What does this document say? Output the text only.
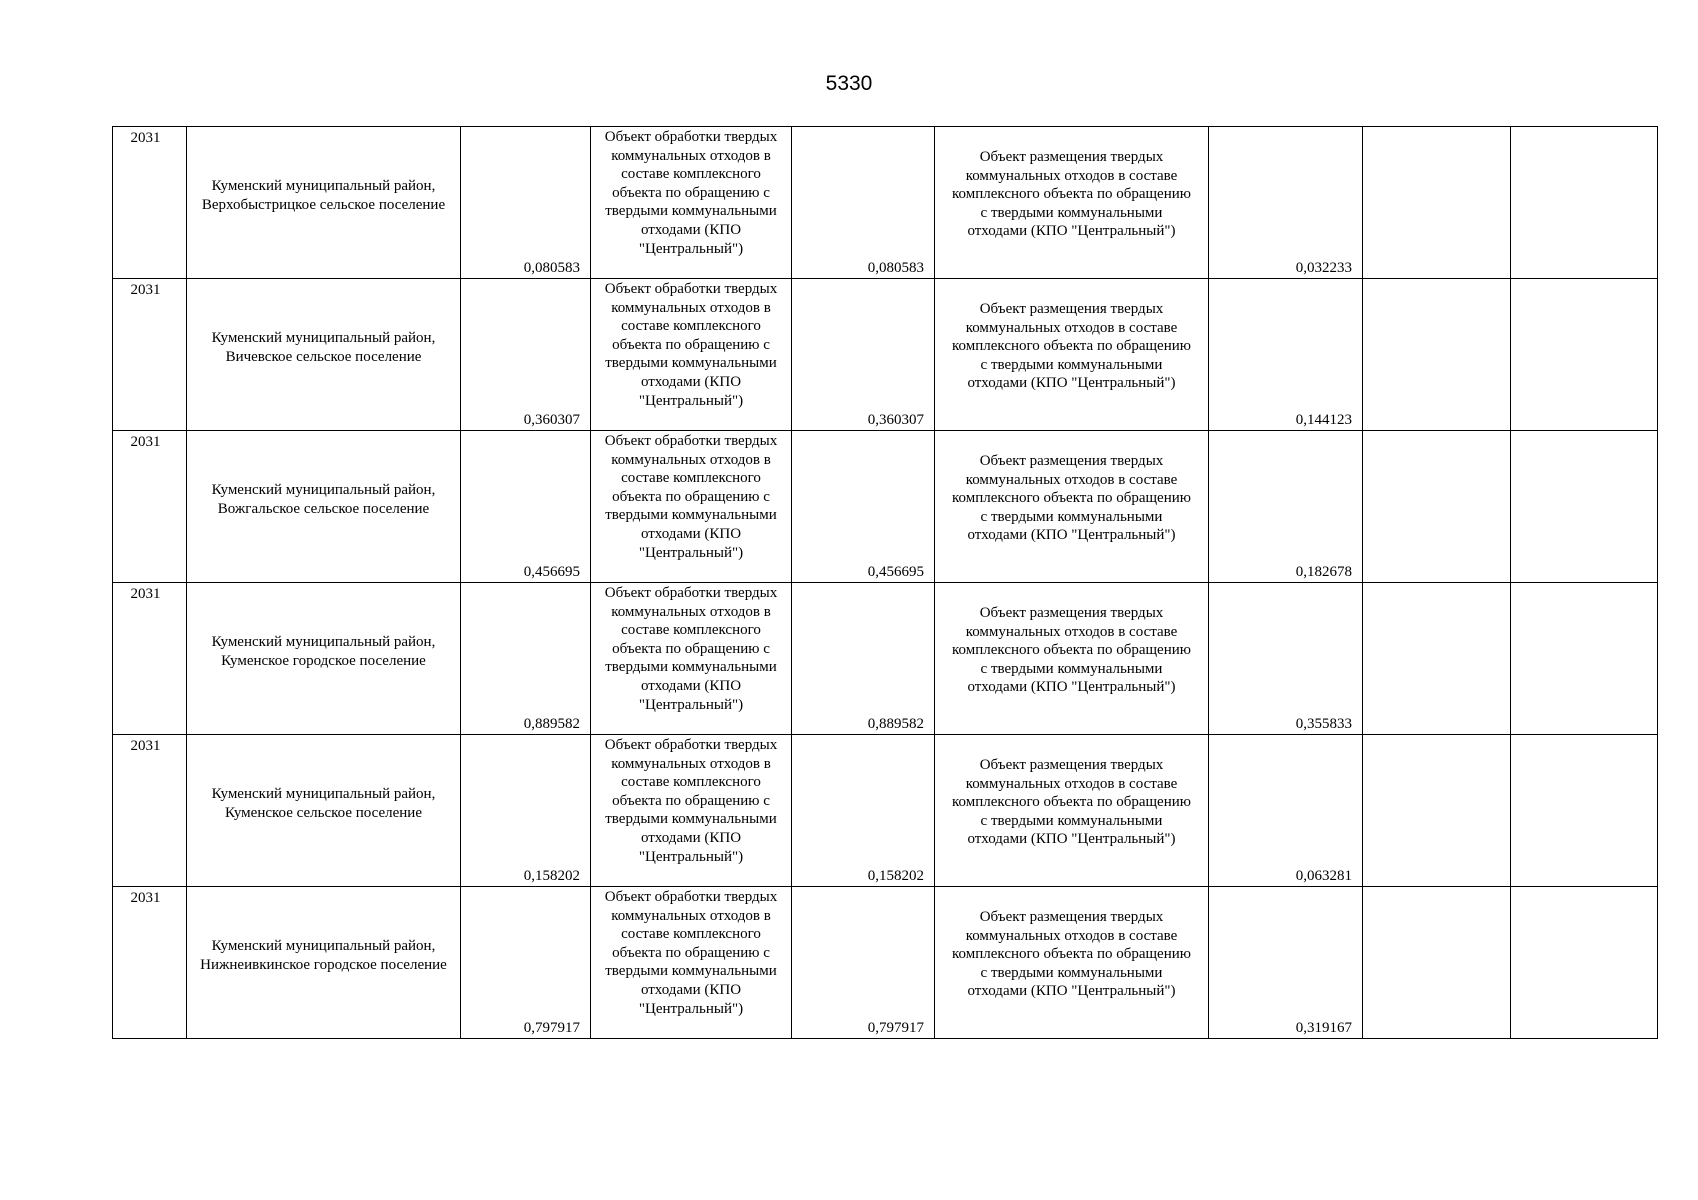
5330
2031	Куменский муниципальный район, Верхобыстрицкое сельское поселение	0,080583	Объект обработки твердых коммунальных отходов в составе комплексного объекта по обращению с твердыми коммунальными отходами (КПО "Центральный")	0,080583	Объект размещения твердых коммунальных отходов в составе комплексного объекта по обращению с твердыми коммунальными отходами (КПО "Центральный")	0,032233		
2031	Куменский муниципальный район, Вичевское сельское поселение	0,360307	Объект обработки твердых коммунальных отходов в составе комплексного объекта по обращению с твердыми коммунальными отходами (КПО "Центральный")	0,360307	Объект размещения твердых коммунальных отходов в составе комплексного объекта по обращению с твердыми коммунальными отходами (КПО "Центральный")	0,144123		
2031	Куменский муниципальный район, Вожгальское сельское поселение	0,456695	Объект обработки твердых коммунальных отходов в составе комплексного объекта по обращению с твердыми коммунальными отходами (КПО "Центральный")	0,456695	Объект размещения твердых коммунальных отходов в составе комплексного объекта по обращению с твердыми коммунальными отходами (КПО "Центральный")	0,182678		
2031	Куменский муниципальный район, Куменское городское поселение	0,889582	Объект обработки твердых коммунальных отходов в составе комплексного объекта по обращению с твердыми коммунальными отходами (КПО "Центральный")	0,889582	Объект размещения твердых коммунальных отходов в составе комплексного объекта по обращению с твердыми коммунальными отходами (КПО "Центральный")	0,355833		
2031	Куменский муниципальный район, Куменское сельское поселение	0,158202	Объект обработки твердых коммунальных отходов в составе комплексного объекта по обращению с твердыми коммунальными отходами (КПО "Центральный")	0,158202	Объект размещения твердых коммунальных отходов в составе комплексного объекта по обращению с твердыми коммунальными отходами (КПО "Центральный")	0,063281		
2031	Куменский муниципальный район, Нижнеивкинское городское поселение	0,797917	Объект обработки твердых коммунальных отходов в составе комплексного объекта по обращению с твердыми коммунальными отходами (КПО "Центральный")	0,797917	Объект размещения твердых коммунальных отходов в составе комплексного объекта по обращению с твердыми коммунальными отходами (КПО "Центральный")	0,319167		
